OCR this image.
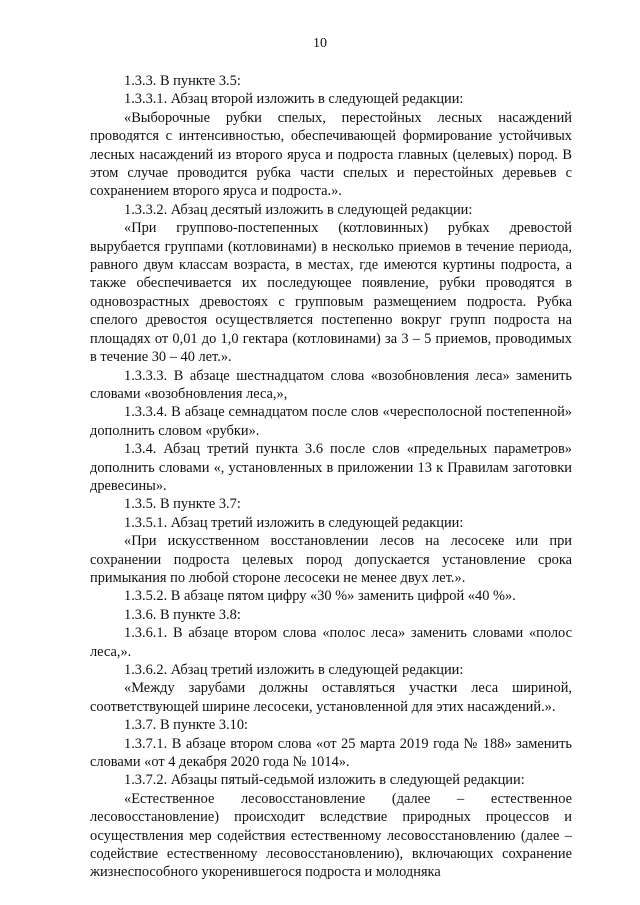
10

1.3.3. В пункте 3.5:

1.3.3.1. Абзац второй изложить в следующей редакции:

«Выборочные рубки спелых, перестойных лесных насаждений проводятся с интенсивностью, обеспечивающей формирование устойчивых лесных насаждений из второго яруса и подроста главных (целевых) пород. В этом случае проводится рубка части спелых и перестойных деревьев с сохранением второго яруса и подроста.».

1.3.3.2. Абзац десятый изложить в следующей редакции:

«При группово-постепенных (котловинных) рубках древостой вырубается группами (котловинами) в несколько приемов в течение периода, равного двум классам возраста, в местах, где имеются куртины подроста, а также обеспечивается их последующее появление, рубки проводятся в одновозрастных древостоях с групповым размещением подроста. Рубка спелого древостоя осуществляется постепенно вокруг групп подроста на площадях от 0,01 до 1,0 гектара (котловинами) за 3 – 5 приемов, проводимых в течение 30 – 40 лет.».

1.3.3.3. В абзаце шестнадцатом слова «возобновления леса» заменить словами «возобновления леса,»,

1.3.3.4. В абзаце семнадцатом после слов «чересполосной постепенной» дополнить словом «рубки».

1.3.4. Абзац третий пункта 3.6 после слов «предельных параметров» дополнить словами «, установленных в приложении 13 к Правилам заготовки древесины».

1.3.5. В пункте 3.7:

1.3.5.1. Абзац третий изложить в следующей редакции:

«При искусственном восстановлении лесов на лесосеке или при сохранении подроста целевых пород допускается установление срока примыкания по любой стороне лесосеки не менее двух лет.».

1.3.5.2. В абзаце пятом цифру «30 %» заменить цифрой «40 %».

1.3.6. В пункте 3.8:

1.3.6.1. В абзаце втором слова «полос леса» заменить словами «полос леса,».

1.3.6.2. Абзац третий изложить в следующей редакции:

«Между зарубами должны оставляться участки леса шириной, соответствующей ширине лесосеки, установленной для этих насаждений.».

1.3.7. В пункте 3.10:

1.3.7.1. В абзаце втором слова «от 25 марта 2019 года № 188» заменить словами «от 4 декабря 2020 года № 1014».

1.3.7.2. Абзацы пятый-седьмой изложить в следующей редакции:

«Естественное лесовосстановление (далее – естественное лесовосстановление) происходит вследствие природных процессов и осуществления мер содействия естественному лесовосстановлению (далее – содействие естественному лесовосстановлению), включающих сохранение жизнеспособного укоренившегося подроста и молодняка
